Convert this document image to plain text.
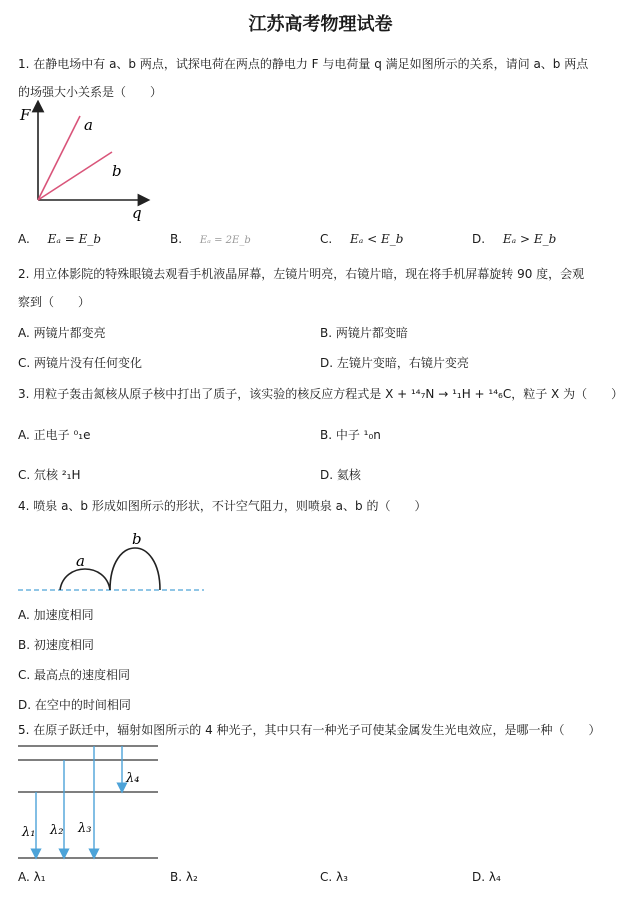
江苏高考物理试卷
1. 在静电场中有 a、b 两点，试探电荷在两点的静电力 F 与电荷量 q 满足如图所示的关系，请问 a、b 两点
的场强大小关系是（　　）
F
a
b
q
A. Eₐ = E_b	B. Eₐ = 2E_b	C. Eₐ < E_b	D. Eₐ > E_b
2. 用立体影院的特殊眼镜去观看手机液晶屏幕，左镜片明亮，右镜片暗，现在将手机屏幕旋转 90 度，会观
察到（　　）
A. 两镜片都变亮	B. 两镜片都变暗
C. 两镜片没有任何变化	D. 左镜片变暗，右镜片变亮
3. 用粒子轰击氮核从原子核中打出了质子，该实验的核反应方程式是 X + ¹⁴₇N → ¹₁H + ¹⁴₆C，粒子 X 为（　　）
A. 正电子 ⁰₁e	B. 中子 ¹₀n
C. 氘核 ²₁H	D. 氦核
4. 喷泉 a、b 形成如图所示的形状，不计空气阻力，则喷泉 a、b 的（　　）
a
b
A. 加速度相同
B. 初速度相同
C. 最高点的速度相同
D. 在空中的时间相同
5. 在原子跃迁中，辐射如图所示的 4 种光子，其中只有一种光子可使某金属发生光电效应，是哪一种（　　）
λ₁ λ₂ λ₃
λ₄
A. λ₁	B. λ₂	C. λ₃	D. λ₄
